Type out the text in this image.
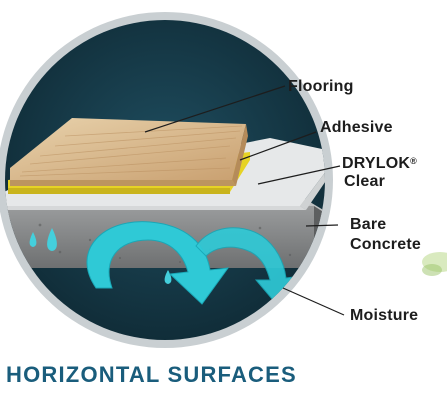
Flooring
Adhesive
DRYLOK®
Clear
Bare
Concrete
Moisture
HORIZONTAL SURFACES
